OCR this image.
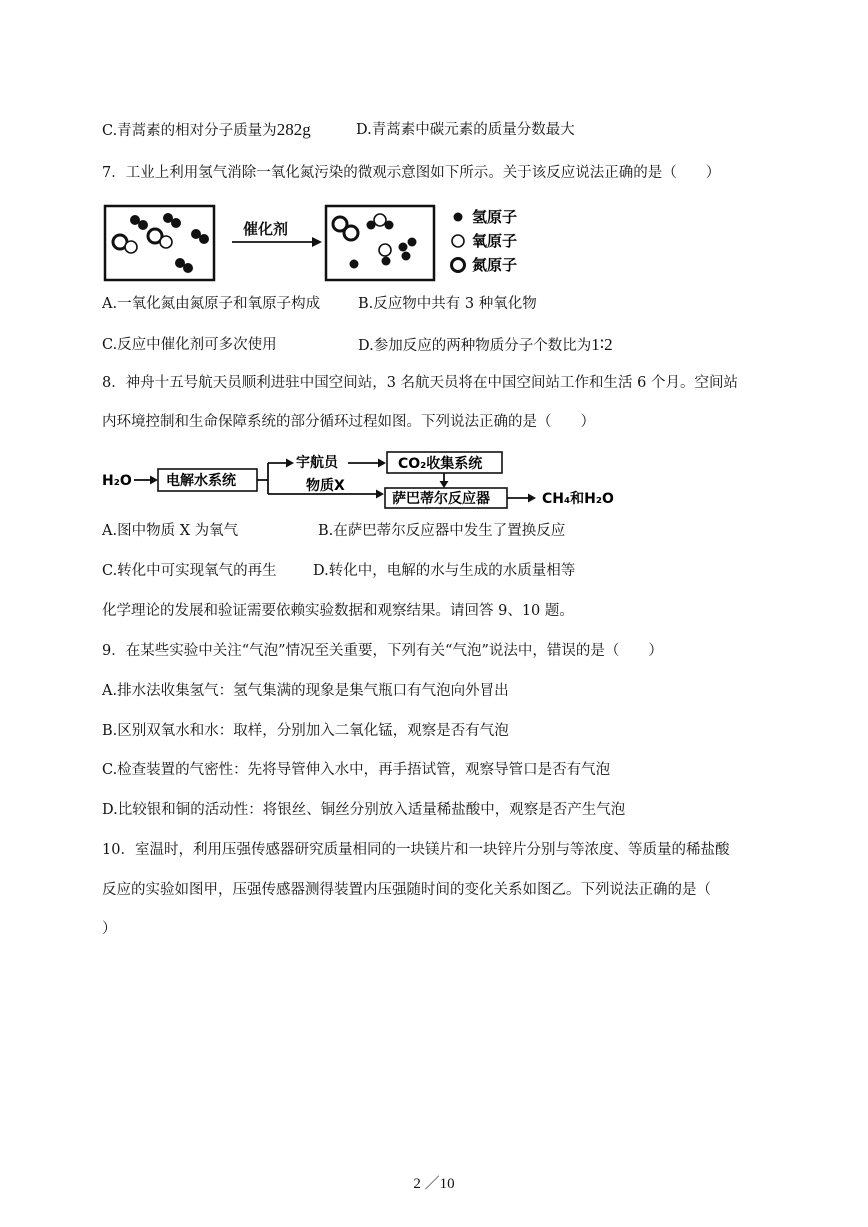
C.青蒿素的相对分子质量为282g	D.青蒿素中碳元素的质量分数最大
7．工业上利用氢气消除一氧化氮污染的微观示意图如下所示。关于该反应说法正确的是（　　）
催化剂
氢原子
氧原子
氮原子
A.一氧化氮由氮原子和氧原子构成	B.反应物中共有 3 种氧化物
C.反应中催化剂可多次使用	D.参加反应的两种物质分子个数比为1∶2
8．神舟十五号航天员顺利进驻中国空间站，3 名航天员将在中国空间站工作和生活 6 个月。空间站
内环境控制和生命保障系统的部分循环过程如图。下列说法正确的是（　　）
H₂O 电解水系统
宇航员	CO₂收集系统
物质X
萨巴蒂尔反应器	CH₄和H₂O
A.图中物质 X 为氧气	B.在萨巴蒂尔反应器中发生了置换反应
C.转化中可实现氧气的再生	D.转化中，电解的水与生成的水质量相等
化学理论的发展和验证需要依赖实验数据和观察结果。请回答 9、10 题。
9．在某些实验中关注“气泡”情况至关重要，下列有关“气泡”说法中，错误的是（　　）
A.排水法收集氢气：氢气集满的现象是集气瓶口有气泡向外冒出
B.区别双氧水和水：取样，分别加入二氧化锰，观察是否有气泡
C.检查装置的气密性：先将导管伸入水中，再手捂试管，观察导管口是否有气泡
D.比较银和铜的活动性：将银丝、铜丝分别放入适量稀盐酸中，观察是否产生气泡
10．室温时，利用压强传感器研究质量相同的一块镁片和一块锌片分别与等浓度、等质量的稀盐酸
反应的实验如图甲，压强传感器测得装置内压强随时间的变化关系如图乙。下列说法正确的是（
）
2 ／10
